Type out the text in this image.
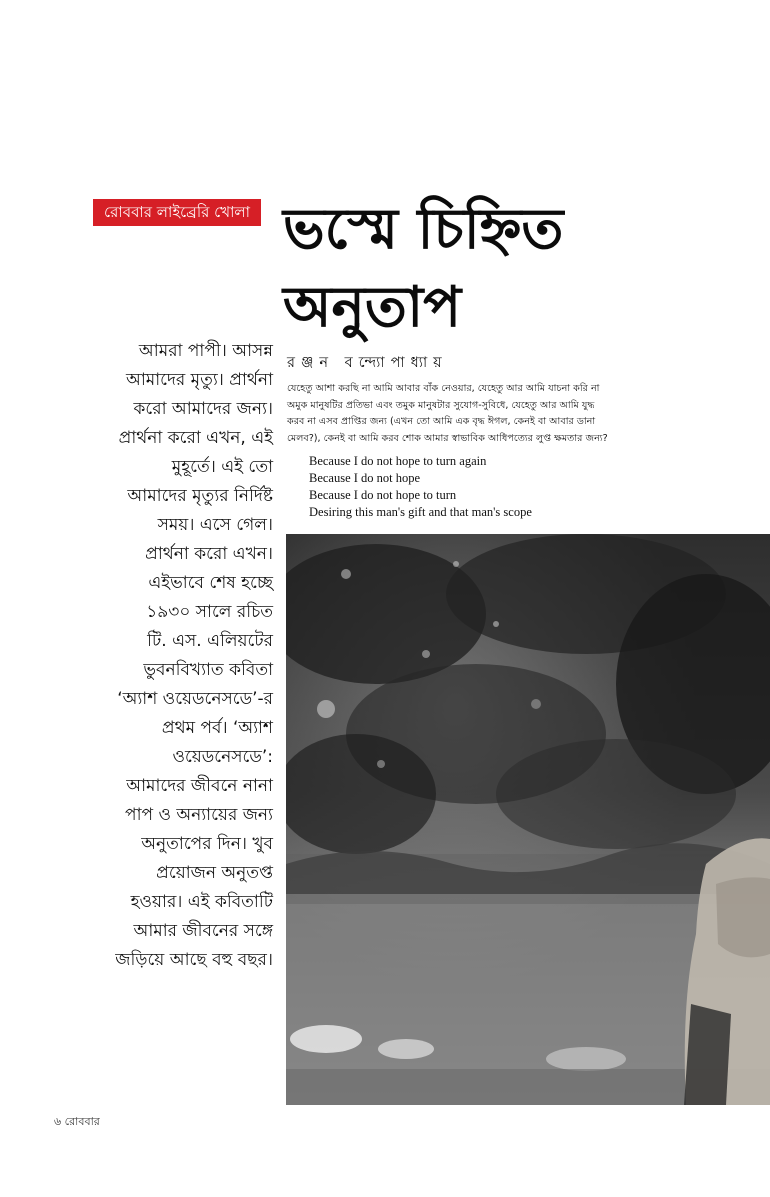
রোববার লাইব্রেরি খোলা ভস্মে চিহ্নিত
অনুতাপ
রঞ্জন বন্দ্যোপাধ্যায়
আমরা পাপী। আসন্ন
আমাদের মৃত্যু। প্রার্থনা
করো আমাদের জন্য।
প্রার্থনা করো এখন, এই
মুহূর্তে। এই তো
আমাদের মৃত্যুর নির্দিষ্ট
সময়। এসে গেল।
প্রার্থনা করো এখন।
এইভাবে শেষ হচ্ছে
১৯৩০ সালে রচিত
টি. এস. এলিয়টের
ভুবনবিখ্যাত কবিতা
‘অ্যাশ ওয়েডনেসডে’-র
প্রথম পর্ব। ‘অ্যাশ
ওয়েডনেসডে’:
আমাদের জীবনে নানা
পাপ ও অন্যায়ের জন্য
অনুতাপের দিন। খুব
প্রয়োজন অনুতপ্ত
হওয়ার। এই কবিতাটি
আমার জীবনের সঙ্গে
জড়িয়ে আছে বহু বছর।
যেহেতু আশা করছি না আমি আবার বাঁক নেওয়ার, যেহেতু আর আমি যাচনা করি না
অমুক মানুষটির প্রতিভা এবং তমুক মানুষটার সুযোগ-সুবিধে, যেহেতু আর আমি যুদ্ধ
করব না এসব প্রাপ্তির জন্য (এখন তো আমি এক বৃদ্ধ ঈগল, কেনই বা আবার ডানা
মেলব?), কেনই বা আমি করব শোক আমার স্বাভাবিক আধিপত্যের লুপ্ত ক্ষমতার জন্য?
Because I do not hope to turn again
Because I do not hope
Because I do not hope to turn
Desiring this man's gift and that man's scope
৬ রোববার
